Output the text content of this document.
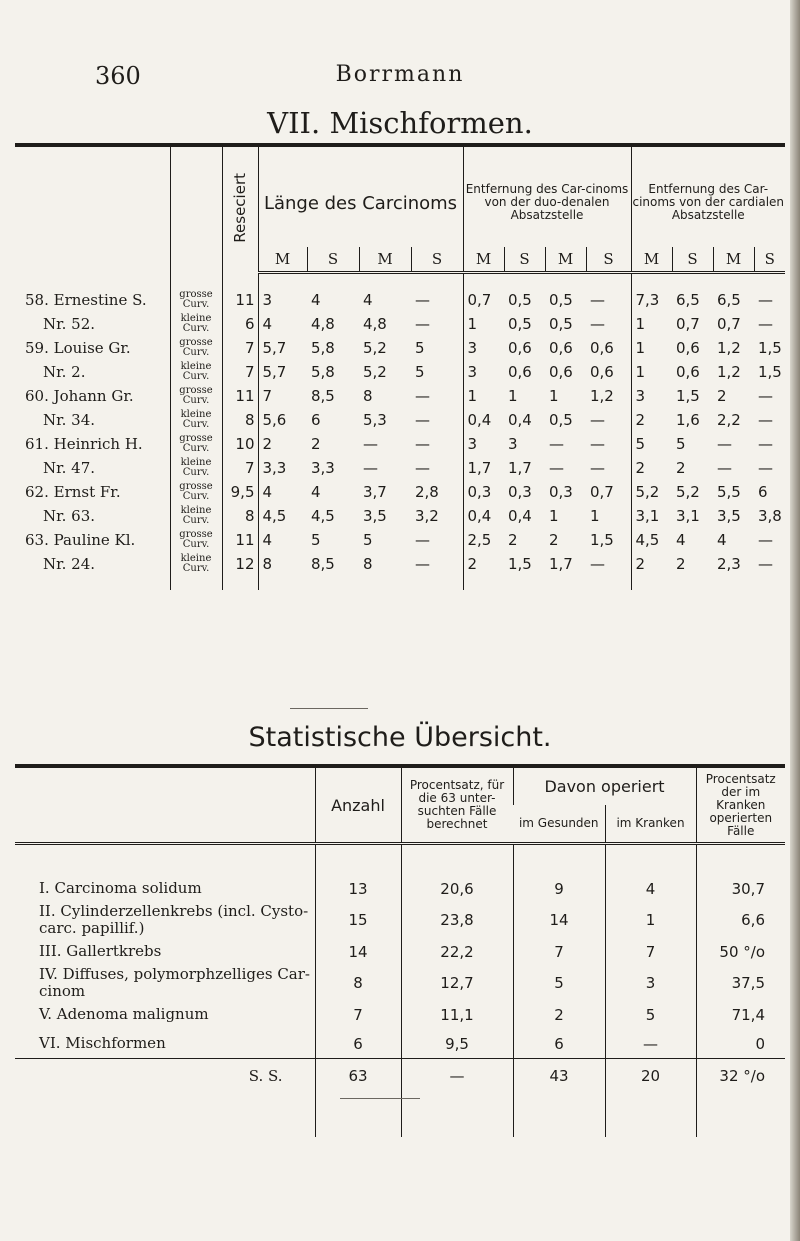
360	Borrmann
VII. Mischformen.
		Reseciert	Länge des Carcinoms				Entfernung des Car-cinoms von der duo-denalen Absatzstelle				Entfernung des Car-cinoms von der cardialen Absatzstelle			
			M	S	M	S	M	S	M	S	M	S	M	S

58. Ernestine S.	grosse Curv.	11	3	4	4	—	0,7	0,5	0,5	—	7,3	6,5	6,5	—
Nr. 52.	kleine Curv.	6	4	4,8	4,8	—	1	0,5	0,5	—	1	0,7	0,7	—
59. Louise Gr.	grosse Curv.	7	5,7	5,8	5,2	5	3	0,6	0,6	0,6	1	0,6	1,2	1,5
Nr. 2.	kleine Curv.	7	5,7	5,8	5,2	5	3	0,6	0,6	0,6	1	0,6	1,2	1,5
60. Johann Gr.	grosse Curv.	11	7	8,5	8	—	1	1	1	1,2	3	1,5	2	—
Nr. 34.	kleine Curv.	8	5,6	6	5,3	—	0,4	0,4	0,5	—	2	1,6	2,2	—
61. Heinrich H.	grosse Curv.	10	2	2	—	—	3	3	—	—	5	5	—	—
Nr. 47.	kleine Curv.	7	3,3	3,3	—	—	1,7	1,7	—	—	2	2	—	—
62. Ernst Fr.	grosse Curv.	9,5	4	4	3,7	2,8	0,3	0,3	0,3	0,7	5,2	5,2	5,5	6
Nr. 63.	kleine Curv.	8	4,5	4,5	3,5	3,2	0,4	0,4	1	1	3,1	3,1	3,5	3,8
63. Pauline Kl.	grosse Curv.	11	4	5	5	—	2,5	2	2	1,5	4,5	4	4	—
Nr. 24.	kleine Curv.	12	8	8,5	8	—	2	1,5	1,7	—	2	2	2,3	—

Statistische Übersicht.
	Anzahl	Procentsatz, für die 63 unter-suchten Fälle berechnet	Davon operiert		Procentsatz der im Kranken operierten Fälle
			im Gesunden	im Kranken	

I. Carcinoma solidum	13	20,6	9	4	30,7
II. Cylinderzellenkrebs (incl. Cysto-carc. papillif.)	15	23,8	14	1	6,6
III. Gallertkrebs	14	22,2	7	7	50 °/o
IV. Diffuses, polymorphzelliges Car-cinom	8	12,7	5	3	37,5
V. Adenoma malignum	7	11,1	2	5	71,4
VI. Mischformen	6	9,5	6	—	0
S. S.	63	—	43	20	32 °/o
